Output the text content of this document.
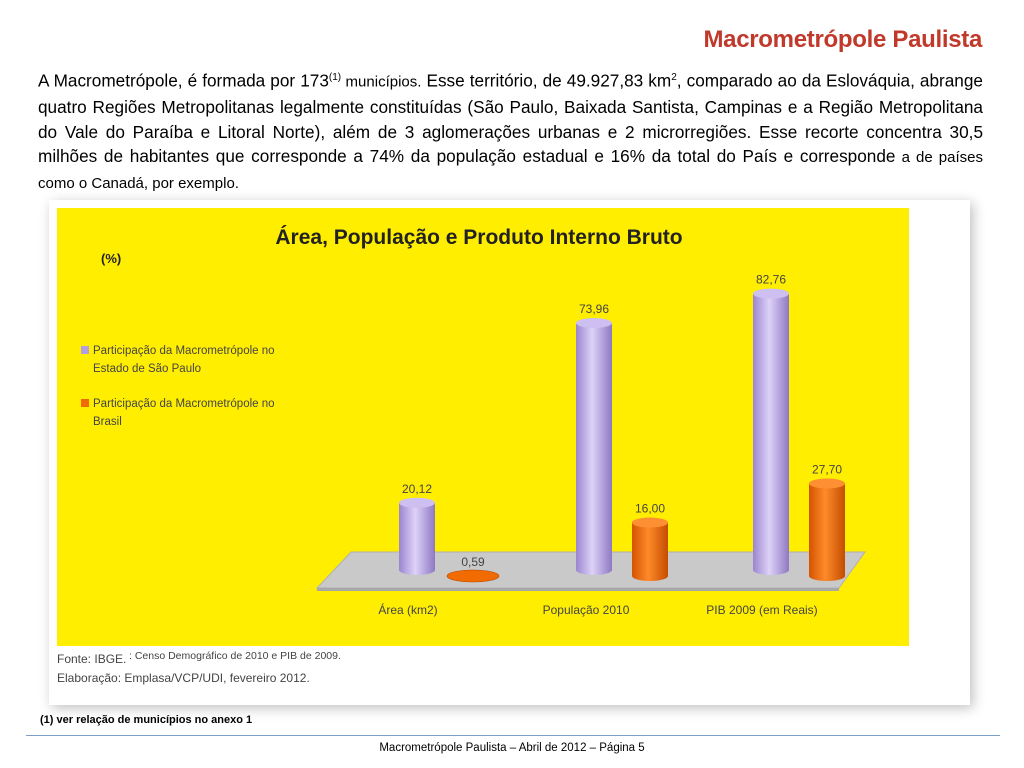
Macrometrópole Paulista
A Macrometrópole, é formada por 173$^{(1)}$ municípios. Esse território, de 49.927,83 $km^2$, comparado ao da Eslováquia, abrange quatro Regiões Metropolitanas legalmente constituídas (São Paulo, Baixada Santista, Campinas e a Região Metropolitana do Vale do Paraíba e Litoral Norte), além de 3 aglomerações urbanas e 2 microrregiões. Esse recorte concentra 30,5 milhões de habitantes que corresponde a 74% da população estadual e 16% da total do País e corresponde a de países como o Canadá, por exemplo.
Área, População e Produto Interno Bruto
(%)
Participação da Macrometrópole no
Estado de São Paulo
Participação da Macrometrópole no
Brasil
20,12
73,96
82,76
0,59
16,00
27,70
Área (km2)	População 2010	PIB 2009 (em Reais)
Fonte: IBGE. : Censo Demográfico de 2010 e PIB de 2009.
Elaboração: Emplasa/VCP/UDI, fevereiro 2012.
(1) ver relação de municípios no anexo 1
Macrometrópole Paulista – Abril de 2012 – Página 5
